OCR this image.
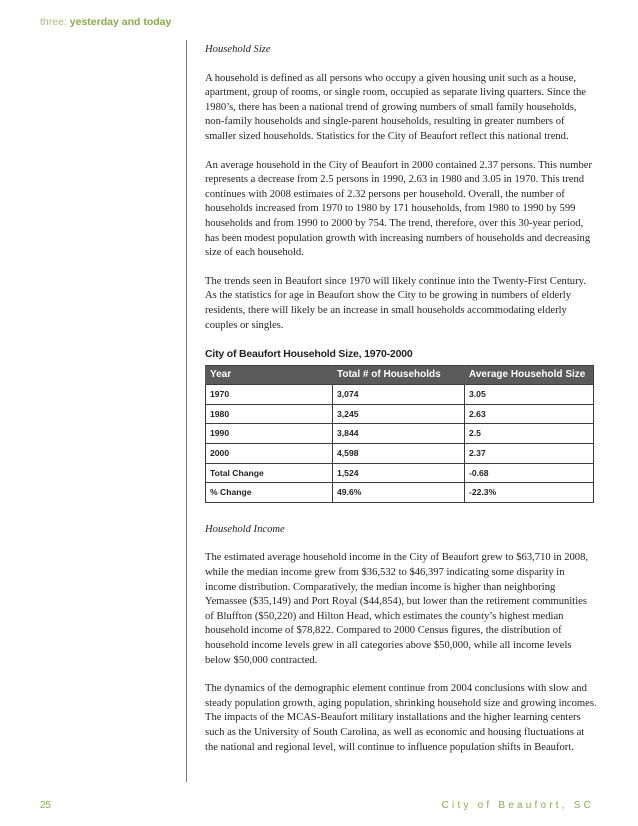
three: yesterday and today

Household Size

A household is defined as all persons who occupy a given housing unit such as a house, apartment, group of rooms, or single room, occupied as separate living quarters. Since the 1980’s, there has been a national trend of growing numbers of small family households, non-family households and single-parent households, resulting in greater numbers of smaller sized households. Statistics for the City of Beaufort reflect this national trend.

An average household in the City of Beaufort in 2000 contained 2.37 persons. This number represents a decrease from 2.5 persons in 1990, 2.63 in 1980 and 3.05 in 1970. This trend continues with 2008 estimates of 2.32 persons per household. Overall, the number of households increased from 1970 to 1980 by 171 households, from 1980 to 1990 by 599 households and from 1990 to 2000 by 754. The trend, therefore, over this 30-year period, has been modest population growth with increasing numbers of households and decreasing size of each household.

The trends seen in Beaufort since 1970 will likely continue into the Twenty-First Century. As the statistics for age in Beaufort show the City to be growing in numbers of elderly residents, there will likely be an increase in small households accommodating elderly couples or singles.

City of Beaufort Household Size, 1970-2000
Year	Total # of Households	Average Household Size
1970	3,074	3.05
1980	3,245	2.63
1990	3,844	2.5
2000	4,598	2.37
Total Change	1,524	-0.68
% Change	49.6%	-22.3%

Household Income

The estimated average household income in the City of Beaufort grew to $63,710 in 2008, while the median income grew from $36,532 to $46,397 indicating some disparity in income distribution. Comparatively, the median income is higher than neighboring Yemassee ($35,149) and Port Royal ($44,854), but lower than the retirement communities of Bluffton ($50,220) and Hilton Head, which estimates the county’s highest median household income of $78,822. Compared to 2000 Census figures, the distribution of household income levels grew in all categories above $50,000, while all income levels below $50,000 contracted.

The dynamics of the demographic element continue from 2004 conclusions with slow and steady population growth, aging population, shrinking household size and growing incomes. The impacts of the MCAS-Beaufort military installations and the higher learning centers such as the University of South Carolina, as well as economic and housing fluctuations at the national and regional level, will continue to influence population shifts in Beaufort.

25	City of Beaufort, SC
